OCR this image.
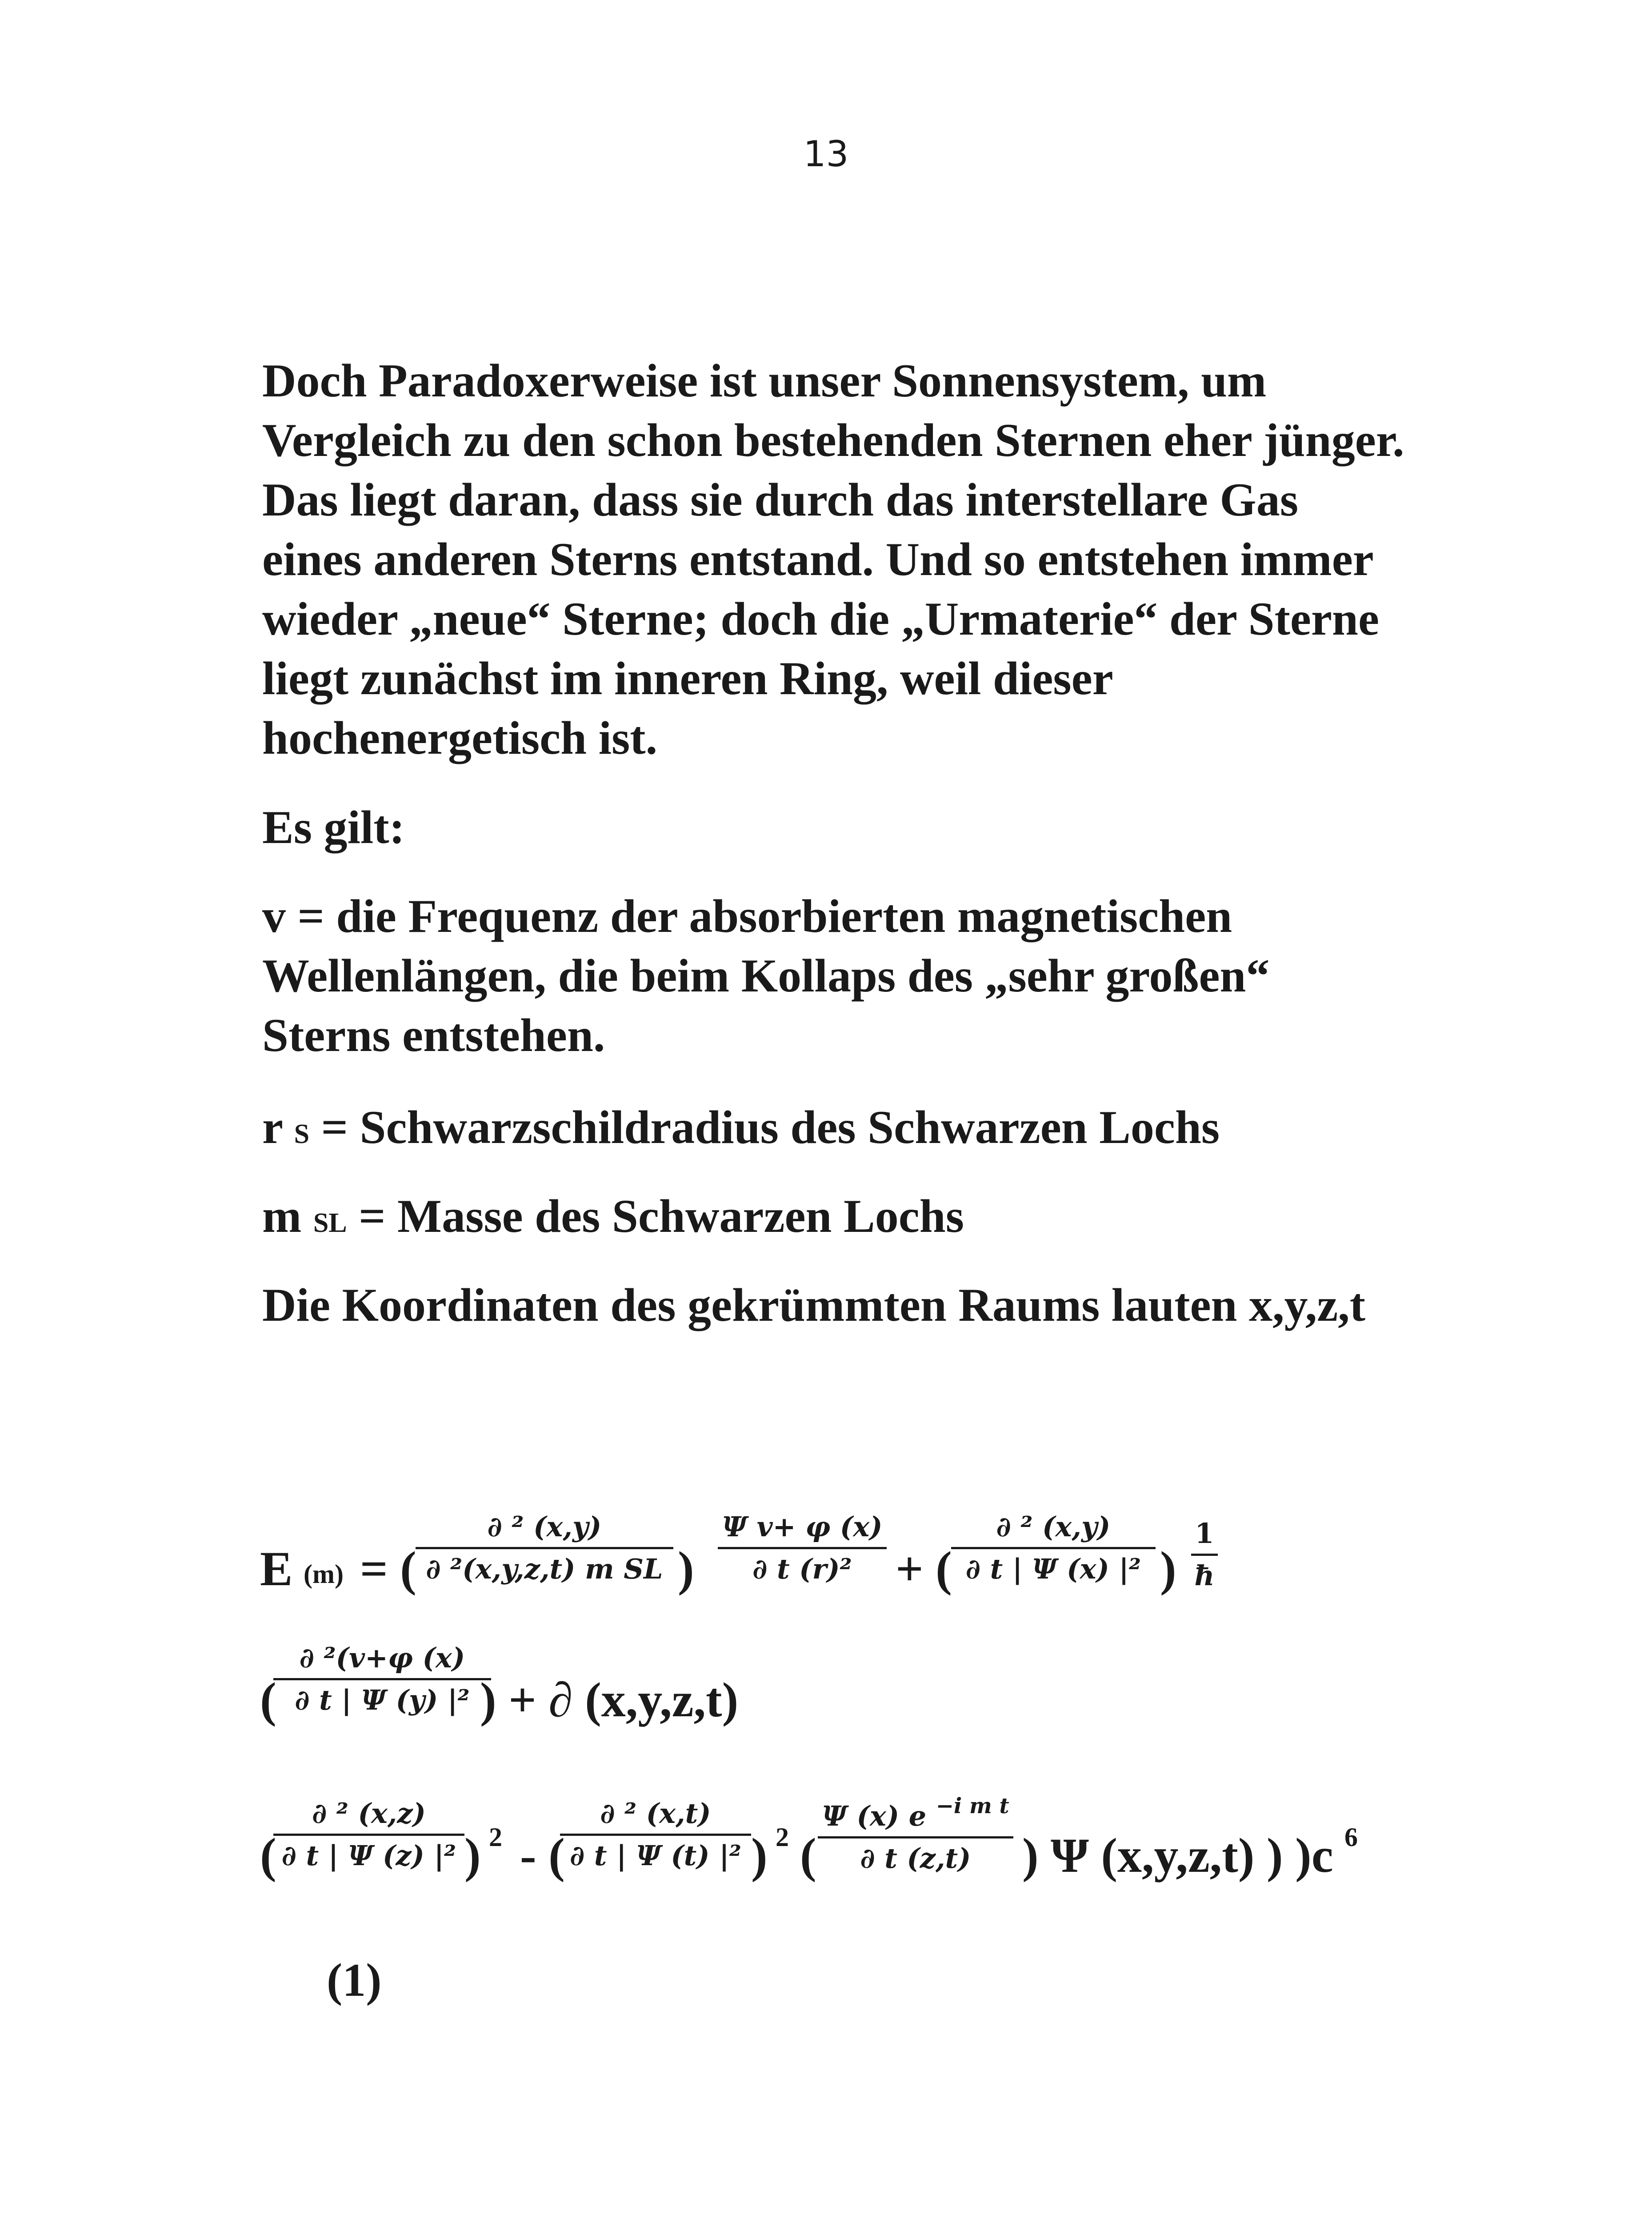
13

Doch Paradoxerweise ist unser Sonnensystem, um Vergleich zu den schon bestehenden Sternen eher jünger. Das liegt daran, dass sie durch das interstellare Gas eines anderen Sterns entstand. Und so entstehen immer wieder „neue“ Sterne; doch die „Urmaterie“ der Sterne liegt zunächst im inneren Ring, weil dieser hochenergetisch ist.

Es gilt:

v = die Frequenz der absorbierten magnetischen Wellenlängen, die beim Kollaps des „sehr großen“ Sterns entstehen.

r S = Schwarzschildradius des Schwarzen Lochs

m SL = Masse des Schwarzen Lochs

Die Koordinaten des gekrümmten Raums lauten x,y,z,t

E (m) = (
∂ ² (x,y)
∂ ²(x,y,z,t) m SL )
Ψ v+ φ (x)
∂ t (r)² + (
∂ ² (x,y)
∂ t | Ψ (x) |² )
1
ħ
(
∂ ²(v+φ (x)
∂ t | Ψ (y) |² ) + ∂ (x,y,z,t)
(
∂ ² (x,z)
∂ t | Ψ (z) |² ) 2 - (
∂ ² (x,t)
∂ t | Ψ (t) |² ) 2 (
Ψ (x) e $^{-i m t}$
∂ t (z,t)	) Ψ (x,y,z,t) ) )c 6
(1)
